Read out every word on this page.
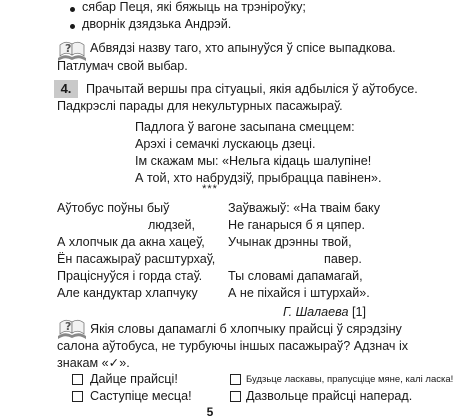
сябар Пеця, які бяжыць на трэніроўку;
дворнік дзядзька Андрэй.
? Абвядзі назву таго, хто апынуўся ў спісе выпадкова.
Патлумач свой выбар.
4.	Прачытай вершы пра сітуацыі, якія адбыліся ў аўтобусе.
Падкрэслі парады для некультурных пасажыраў.
Падлога ў вагоне засыпана смеццем:
Арэхі і семачкі лускаюць дзеці.
Ім скажам мы: «Нельга кідаць шалупіне!
А той, хто набрудзіў, прыбрацца павінен».
***
Аўтобус поўны быў
людзей,
А хлопчык да акна хацеў,
Ён пасажыраў расштурхаў,
Працiснуўся і гордa стаў.
Але кандуктар хлапчуку
Заўважыў: «На тваім баку
Не ганарыся б я цяпер.
Учынак дрэнны твой,
павер.
Ты словамі дапамагай,
А не піхайся і штурхай».
Г. Шалаева [1]
? Якія словы дапамаглі б хлопчыку прайсці ў сярэдзіну
салона аўтобуса, не турбуючы іншых пасажыраў? Адзнач іх
знакам «✓».
Дайце прайсці!
Саступіце месца!
Будзьце ласкавы, прапусціце мяне, калі ласка!
Дазвольце прайсці наперад.
5
